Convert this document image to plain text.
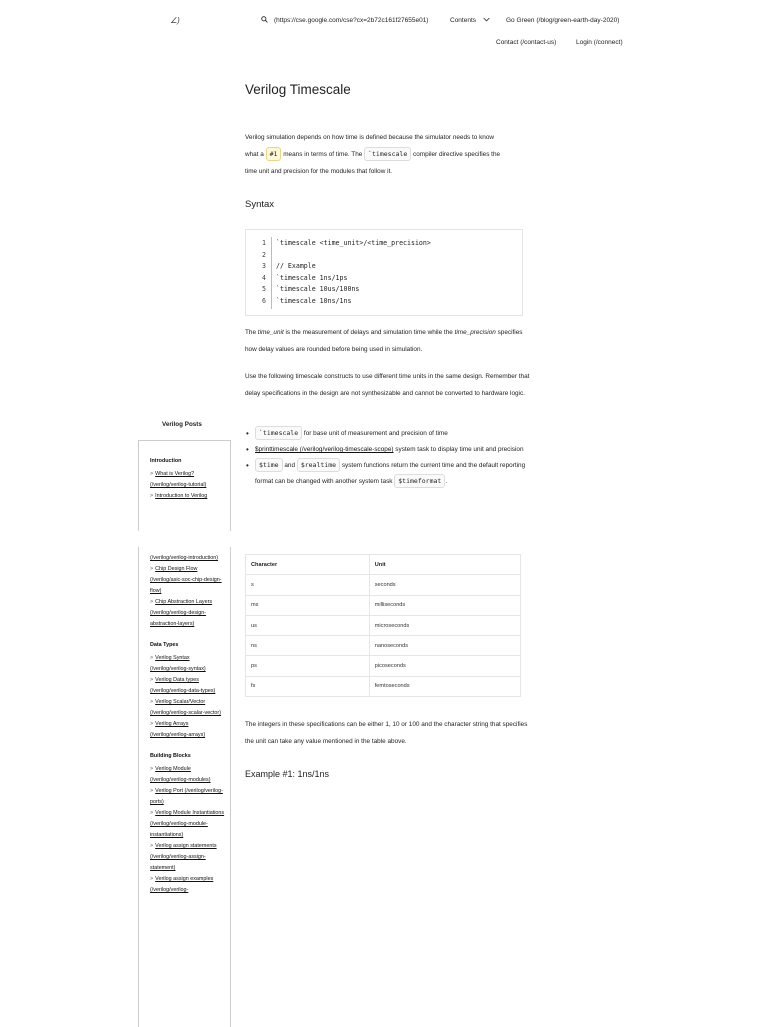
∠)	(https://cse.google.com/cse?cx=2b72c161f27655e01)	Contents	Go Green (/blog/green-earth-day-2020)
Contact (/contact-us)	Login (/connect)
Verilog Timescale
Verilog simulation depends on how time is defined because the simulator needs to know
what a #1 means in terms of time. The `timescale compiler directive specifies the
time unit and precision for the modules that follow it.
Syntax
1 `timescale <time_unit>/<time_precision>
2
3 // Example
4 `timescale 1ns/1ps
5 `timescale 10us/100ns
6 `timescale 10ns/1ns
The time_unit is the measurement of delays and simulation time while the time_precision specifies how delay values are rounded before being used in simulation.
Use the following timescale constructs to use different time units in the same design. Remember that delay specifications in the design are not synthesizable and cannot be converted to hardware logic.
• `timescale for base unit of measurement and precision of time
• $printtimescale (/verilog/verilog-timescale-scope) system task to display time unit and precision
• $time and $realtime system functions return the current time and the default reporting format can be changed with another system task $timeformat .
Character	Unit
s	seconds
ms	milliseconds
us	microseconds
ns	nanoseconds
ps	picoseconds
fs	femtoseconds
The integers in these specifications can be either 1, 10 or 100 and the character string that specifies the unit can take any value mentioned in the table above.
Example #1: 1ns/1ns
Verilog Posts
Introduction
> What is Verilog? (/verilog/verilog-tutorial)
> Introduction to Verilog
(/verilog/verilog-introduction)
> Chip Design Flow (/verilog/asic-soc-chip-design-flow)
> Chip Abstraction Layers (/verilog/verilog-design-abstraction-layers)
Data Types
> Verilog Syntax (/verilog/verilog-syntax)
> Verilog Data types (/verilog/verilog-data-types)
> Verilog Scalar/Vector (/verilog/verilog-scalar-vector)
> Verilog Arrays (/verilog/verilog-arrays)
Building Blocks
> Verilog Module (/verilog/verilog-modules)
> Verilog Port (/verilog/verilog-ports)
> Verilog Module Instantiations (/verilog/verilog-module-instantiations)
> Verilog assign statements (/verilog/verilog-assign-statement)
> Verilog assign examples (/verilog/verilog-
